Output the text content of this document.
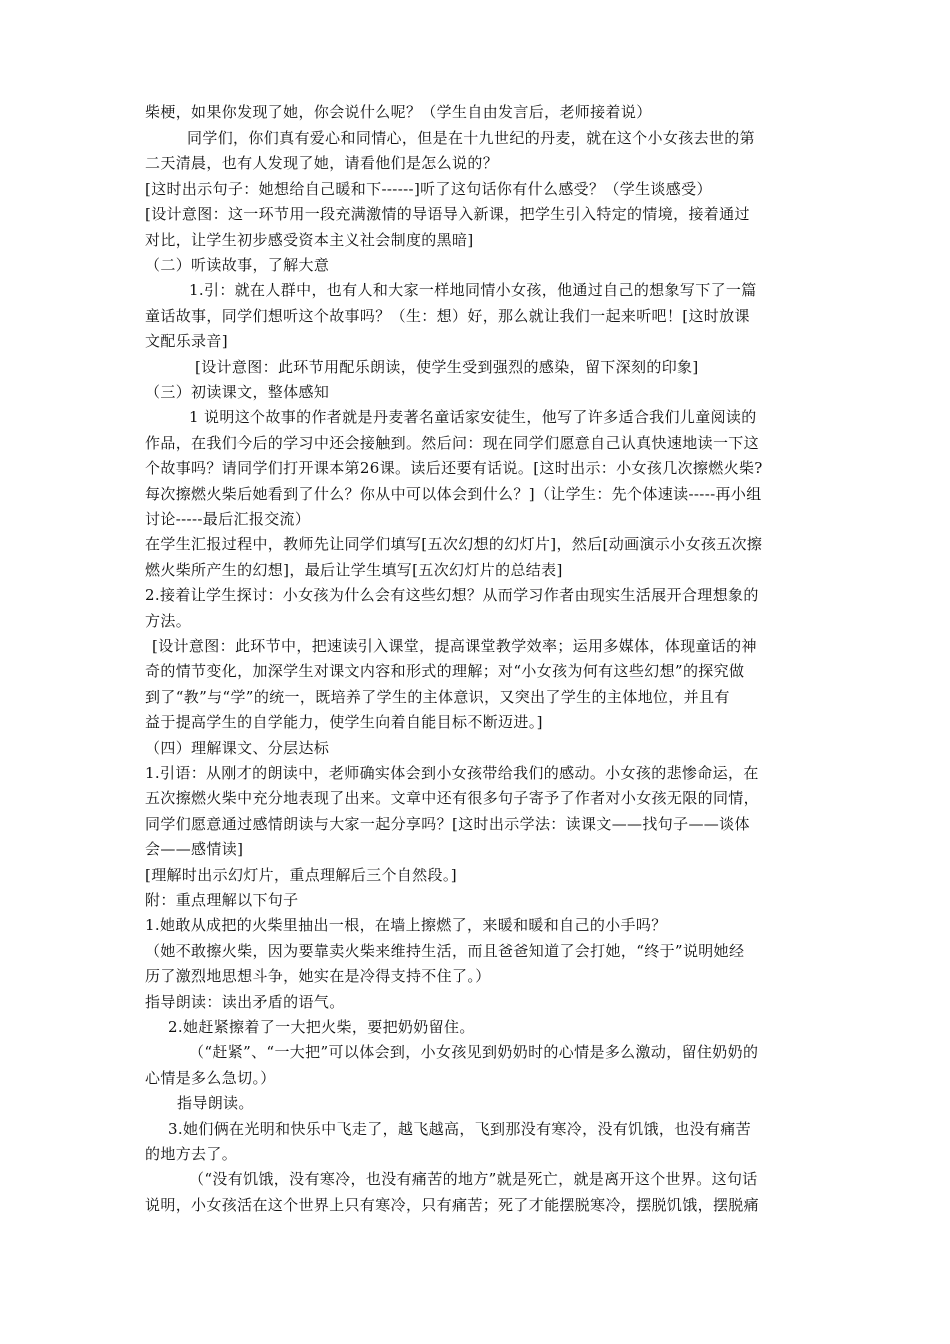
柴梗，如果你发现了她，你会说什么呢？（学生自由发言后，老师接着说）
同学们，你们真有爱心和同情心，但是在十九世纪的丹麦，就在这个小女孩去世的第
二天清晨，也有人发现了她，请看他们是怎么说的？
[这时出示句子：她想给自己暖和下------]听了这句话你有什么感受？（学生谈感受）
[设计意图：这一环节用一段充满激情的导语导入新课，把学生引入特定的情境，接着通过
对比，让学生初步感受资本主义社会制度的黑暗]
（二）听读故事，了解大意
1.引：就在人群中，也有人和大家一样地同情小女孩，他通过自己的想象写下了一篇
童话故事，同学们想听这个故事吗？（生：想）好，那么就让我们一起来听吧！[这时放课
文配乐录音]
[设计意图：此环节用配乐朗读，使学生受到强烈的感染，留下深刻的印象]
（三）初读课文，整体感知
1 说明这个故事的作者就是丹麦著名童话家安徒生，他写了许多适合我们儿童阅读的
作品，在我们今后的学习中还会接触到。然后问：现在同学们愿意自己认真快速地读一下这
个故事吗？请同学们打开课本第26课。读后还要有话说。[这时出示：小女孩几次擦燃火柴?
每次擦燃火柴后她看到了什么？你从中可以体会到什么？]（让学生：先个体速读-----再小组
讨论-----最后汇报交流）
在学生汇报过程中，教师先让同学们填写[五次幻想的幻灯片]，然后[动画演示小女孩五次擦
燃火柴所产生的幻想]，最后让学生填写[五次幻灯片的总结表]
2.接着让学生探讨：小女孩为什么会有这些幻想？从而学习作者由现实生活展开合理想象的
方法。
[设计意图：此环节中，把速读引入课堂，提高课堂教学效率；运用多媒体，体现童话的神
奇的情节变化，加深学生对课文内容和形式的理解；对“小女孩为何有这些幻想”的探究做
到了“教”与“学”的统一，既培养了学生的主体意识，又突出了学生的主体地位，并且有
益于提高学生的自学能力，使学生向着自能目标不断迈进。]
（四）理解课文、分层达标
1.引语：从刚才的朗读中，老师确实体会到小女孩带给我们的感动。小女孩的悲惨命运，在
五次擦燃火柴中充分地表现了出来。文章中还有很多句子寄予了作者对小女孩无限的同情，
同学们愿意通过感情朗读与大家一起分享吗？[这时出示学法：读课文——找句子——谈体
会——感情读]
[理解时出示幻灯片，重点理解后三个自然段。]
附：重点理解以下句子
1.她敢从成把的火柴里抽出一根，在墙上擦燃了，来暖和暖和自己的小手吗？
（她不敢擦火柴，因为要靠卖火柴来维持生活，而且爸爸知道了会打她，“终于”说明她经
历了激烈地思想斗争，她实在是冷得支持不住了。）
指导朗读：读出矛盾的语气。
2.她赶紧擦着了一大把火柴，要把奶奶留住。
（“赶紧”、“一大把”可以体会到，小女孩见到奶奶时的心情是多么激动，留住奶奶的
心情是多么急切。）
指导朗读。
3.她们俩在光明和快乐中飞走了，越飞越高，飞到那没有寒冷，没有饥饿，也没有痛苦
的地方去了。
（“没有饥饿，没有寒冷，也没有痛苦的地方”就是死亡，就是离开这个世界。这句话
说明，小女孩活在这个世界上只有寒冷，只有痛苦；死了才能摆脱寒冷，摆脱饥饿，摆脱痛
